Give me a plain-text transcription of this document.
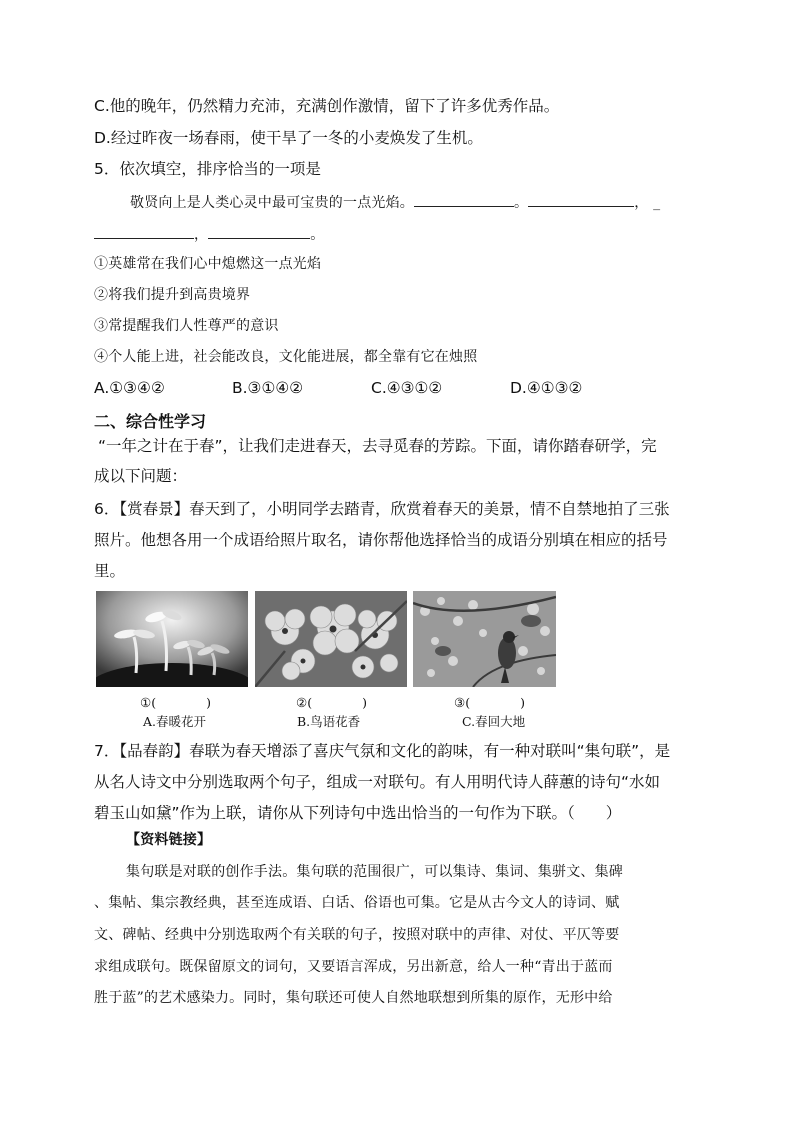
C.他的晚年，仍然精力充沛，充满创作激情，留下了许多优秀作品。
D.经过昨夜一场春雨，使干旱了一冬的小麦焕发了生机。
5．依次填空，排序恰当的一项是
敬贤向上是人类心灵中最可宝贵的一点光焰。	。	， _
，	。
①英雄常在我们心中熄燃这一点光焰
②将我们提升到高贵境界
③常提醒我们人性尊严的意识
④个人能上进，社会能改良，文化能进展，都全靠有它在烛照
A.①③④②	B.③①④②	C.④③①②	D.④①③②
二、综合性学习
“一年之计在于春”，让我们走进春天，去寻觅春的芳踪。下面，请你踏春研学，完
成以下问题：
6．【赏春景】春天到了，小明同学去踏青，欣赏着春天的美景，情不自禁地拍了三张
照片。他想各用一个成语给照片取名，请你帮他选择恰当的成语分别填在相应的括号
里。
①(　　　　)	②(　　　　)	③(　　　　)
A.春暖花开	B.鸟语花香	C.春回大地
7．【品春韵】春联为春天增添了喜庆气氛和文化的韵味，有一种对联叫“集句联”，是
从名人诗文中分别选取两个句子，组成一对联句。有人用明代诗人薛蕙的诗句“水如
碧玉山如黛”作为上联，请你从下列诗句中选出恰当的一句作为下联。（　　）
【资料链接】
集句联是对联的创作手法。集句联的范围很广，可以集诗、集词、集骈文、集碑
、集帖、集宗教经典，甚至连成语、白话、俗语也可集。它是从古今文人的诗词、赋
文、碑帖、经典中分别选取两个有关联的句子，按照对联中的声律、对仗、平仄等要
求组成联句。既保留原文的词句，又要语言浑成，另出新意，给人一种“青出于蓝而
胜于蓝”的艺术感染力。同时，集句联还可使人自然地联想到所集的原作，无形中给
